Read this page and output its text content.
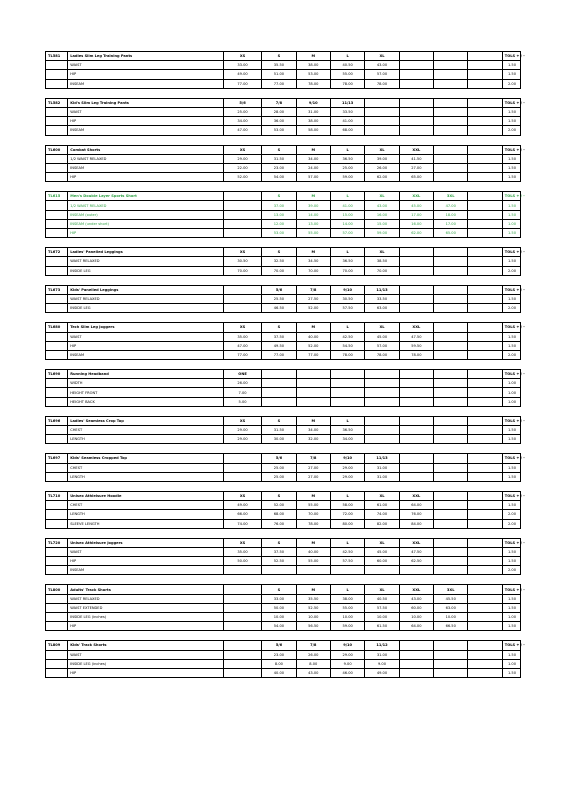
TL581	Ladies Slim Leg Training Pants	XS	S	M	L	XL				TOLS + / -
	WAIST	33.00	35.50	38.00	40.50	43.00				1.50
	HIP	49.00	51.00	53.00	55.00	57.00				1.50
	INSEAM	77.00	77.00	78.00	78.00	78.00				2.00
TL582	Kid's Slim Leg Training Pants	5/6	7/8	9/10	11/13					TOLS + / -
	WAIST	25.00	28.00	31.00	33.50					1.50
	HIP	34.00	36.00	38.00	41.00					1.50
	INSEAM	47.00	53.00	58.00	68.00					2.00
TL600	Combat Shorts	XS	S	M	L	XL	XXL			TOLS + / -
	1/2 WAIST RELAXED	29.00	31.50	34.00	36.50	39.00	41.50			1.50
	INSEAM	22.00	23.00	24.00	25.00	26.00	27.00			1.50
	HIP	52.00	54.00	57.00	59.00	62.00	65.00			1.50
TL615	Men's Double Layer Sports Short		S	M	L	XL	XXL	3XL		TOLS + / -
	1/2 WAIST RELAXED		37.00	39.00	41.00	43.00	45.00	47.00		1.50
	INSEAM (outer)		13.00	14.00	15.00	16.00	17.00	18.00		1.50
	INSEAM (under short)		12.00	13.00	14.00	15.00	16.00	17.00		1.00
	HIP		53.00	55.00	57.00	59.00	62.00	65.00		1.50
TL672	Ladies' Panelled Leggings	XS	S	M	L	XL				TOLS + / -
	WAIST RELAXED	30.50	32.50	34.50	36.50	38.50				1.50
	INSIDE LEG	70.00	70.00	70.00	70.00	70.00				2.00
TL673	Kids' Panelled Leggings		5/6	7/8	9/10	11/13				TOLS + / -
	WAIST RELAXED		25.50	27.50	30.50	33.50				1.50
	INSIDE LEG		46.50	52.00	57.50	63.00				2.00
TL680	Tech Slim Leg Joggers	XS	S	M	L	XL	XXL			TOLS + / -
	WAIST	35.00	37.50	40.00	42.50	45.00	47.50			1.50
	HIP	47.00	49.50	52.00	54.50	57.00	59.50			1.50
	INSEAM	77.00	77.00	77.00	78.00	78.00	78.00			2.00
TL690	Running Headband	ONE								TOLS + / -
	WIDTH	26.00								1.00
	HEIGHT FRONT	7.00								1.00
	HEIGHT BACK	5.00								1.00
TL696	Ladies' Seamless Crop Top	XS	S	M	L					TOLS + / -
	CHEST	29.00	31.50	34.00	36.50					1.50
	LENGTH	29.00	30.00	32.00	34.00					1.50
TL697	Kids' Seamless Cropped Top		5/6	7/8	9/10	11/13				TOLS + / -
	CHEST		25.00	27.00	29.00	31.00				1.50
	LENGTH		25.00	27.00	29.00	31.00				1.50
TL710	Unisex Athleisure Hoodie	XS	S	M	L	XL	XXL			TOLS + / -
	CHEST	49.00	52.00	55.00	58.00	61.00	64.00			1.50
	LENGTH	66.00	68.00	70.00	72.00	74.00	76.00			2.00
	SLEEVE LENGTH	74.00	76.00	78.00	80.00	82.00	84.00			2.00
TL720	Unisex Athleisure Joggers	XS	S	M	L	XL	XXL			TOLS + / -
	WAIST	35.00	37.50	40.00	42.50	45.00	47.50			1.50
	HIP	50.00	52.50	55.00	57.50	60.00	62.50			1.50
	INSEAM									2.00
TL800	Adults' Track Shorts		S	M	L	XL	XXL	3XL		TOLS + / -
	WAIST RELAXED		33.00	35.50	38.00	40.50	43.00	45.50		1.50
	WAIST EXTENDED		50.00	52.50	55.00	57.50	60.00	63.00		1.50
	INSIDE LEG (inches)		10.00	10.00	10.00	10.00	10.00	10.00		1.00
	HIP		54.00	56.50	59.00	61.50	64.00	66.50		1.50
TL809	Kids' Track Shorts		5/6	7/8	9/10	11/12				TOLS + / -
	WAIST		23.00	26.00	29.00	31.00				1.50
	INSIDE LEG (inches)		8.00	8.00	9.00	9.00				1.00
	HIP		40.00	43.00	46.00	49.00				1.50
